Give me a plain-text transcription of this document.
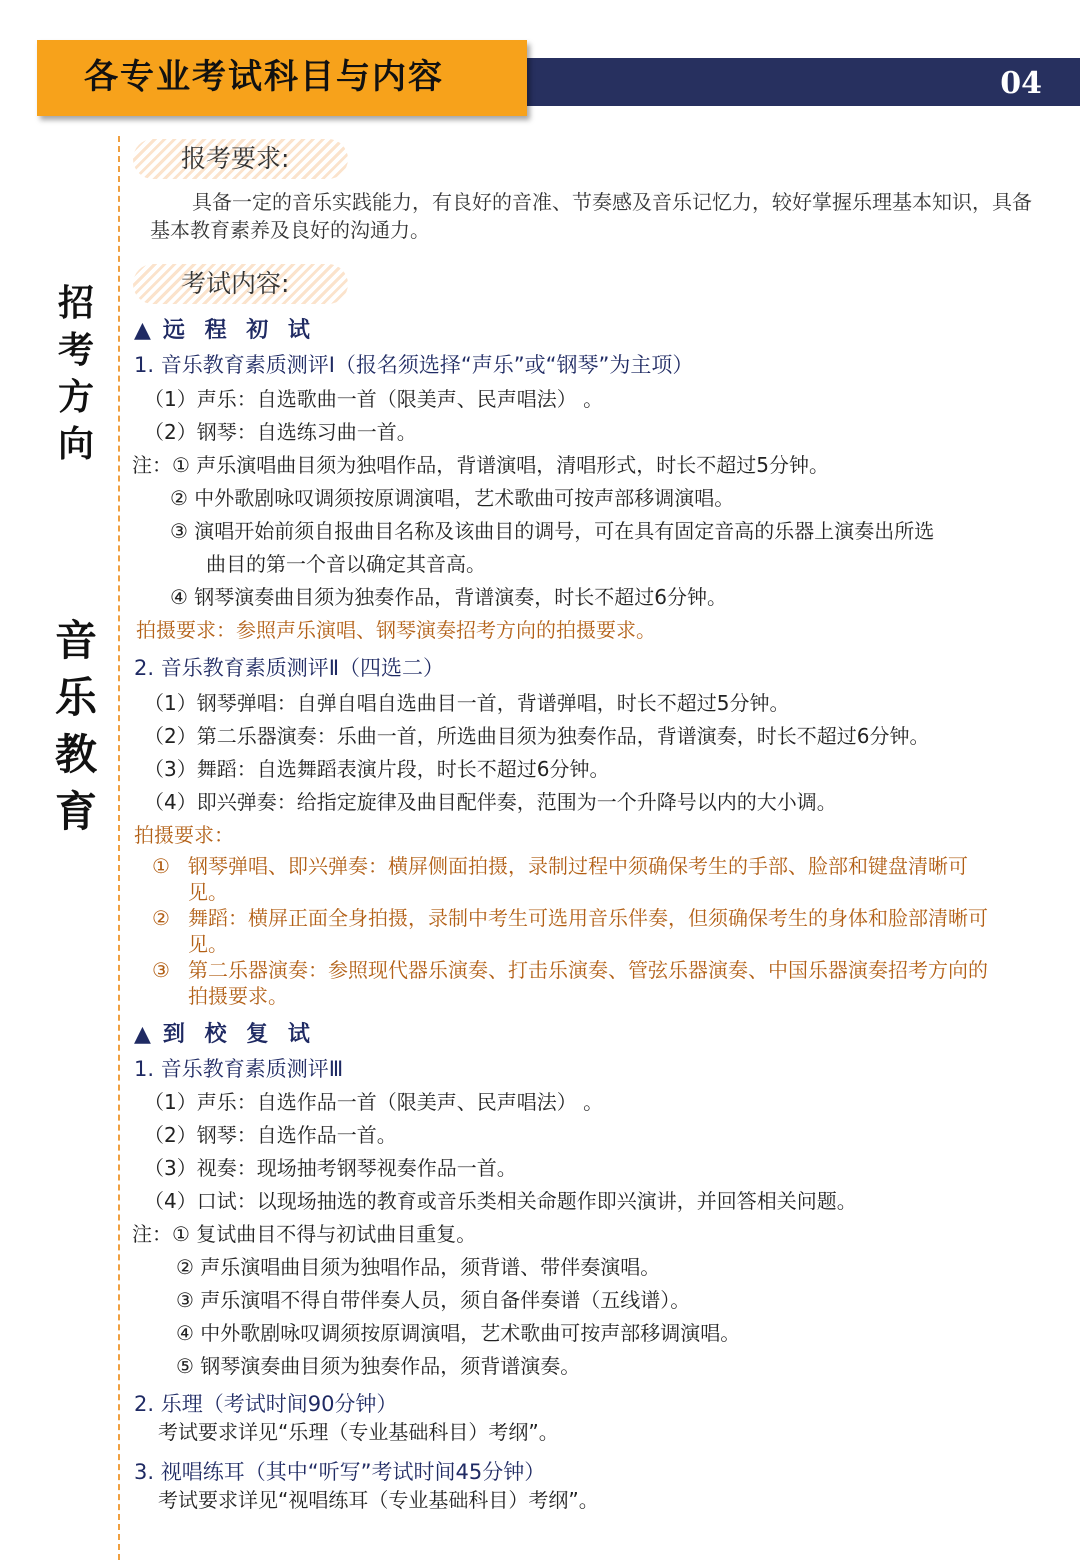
04
各专业考试科目与内容
招考方向
音乐教育
报考要求:
具备一定的音乐实践能力，有良好的音准、节奏感及音乐记忆力，较好掌握乐理基本知识，具备基本教育素养及良好的沟通力。
考试内容:
▲ 远 程 初 试
1. 音乐教育素质测评Ⅰ（报名须选择“声乐”或“钢琴”为主项）
（1）声乐：自选歌曲一首（限美声、民声唱法） 。
（2）钢琴：自选练习曲一首。
注：① 声乐演唱曲目须为独唱作品，背谱演唱，清唱形式，时长不超过5分钟。
② 中外歌剧咏叹调须按原调演唱，艺术歌曲可按声部移调演唱。
③ 演唱开始前须自报曲目名称及该曲目的调号，可在具有固定音高的乐器上演奏出所选
曲目的第一个音以确定其音高。
④ 钢琴演奏曲目须为独奏作品，背谱演奏，时长不超过6分钟。
拍摄要求：参照声乐演唱、钢琴演奏招考方向的拍摄要求。
2. 音乐教育素质测评Ⅱ（四选二）
（1）钢琴弹唱：自弹自唱自选曲目一首，背谱弹唱，时长不超过5分钟。
（2）第二乐器演奏：乐曲一首，所选曲目须为独奏作品，背谱演奏，时长不超过6分钟。
（3）舞蹈：自选舞蹈表演片段，时长不超过6分钟。
（4）即兴弹奏：给指定旋律及曲目配伴奏，范围为一个升降号以内的大小调。
拍摄要求：
① 钢琴弹唱、即兴弹奏：横屏侧面拍摄，录制过程中须确保考生的手部、脸部和键盘清晰可见。
② 舞蹈：横屏正面全身拍摄，录制中考生可选用音乐伴奏，但须确保考生的身体和脸部清晰可见。
③ 第二乐器演奏：参照现代器乐演奏、打击乐演奏、管弦乐器演奏、中国乐器演奏招考方向的拍摄要求。
▲ 到 校 复 试
1. 音乐教育素质测评Ⅲ
（1）声乐：自选作品一首（限美声、民声唱法） 。
（2）钢琴：自选作品一首。
（3）视奏：现场抽考钢琴视奏作品一首。
（4）口试：以现场抽选的教育或音乐类相关命题作即兴演讲，并回答相关问题。
注：① 复试曲目不得与初试曲目重复。
② 声乐演唱曲目须为独唱作品，须背谱、带伴奏演唱。
③ 声乐演唱不得自带伴奏人员，须自备伴奏谱（五线谱）。
④ 中外歌剧咏叹调须按原调演唱，艺术歌曲可按声部移调演唱。
⑤ 钢琴演奏曲目须为独奏作品，须背谱演奏。
2. 乐理（考试时间90分钟）
考试要求详见“乐理（专业基础科目）考纲”。
3. 视唱练耳（其中“听写”考试时间45分钟）
考试要求详见“视唱练耳（专业基础科目）考纲”。
